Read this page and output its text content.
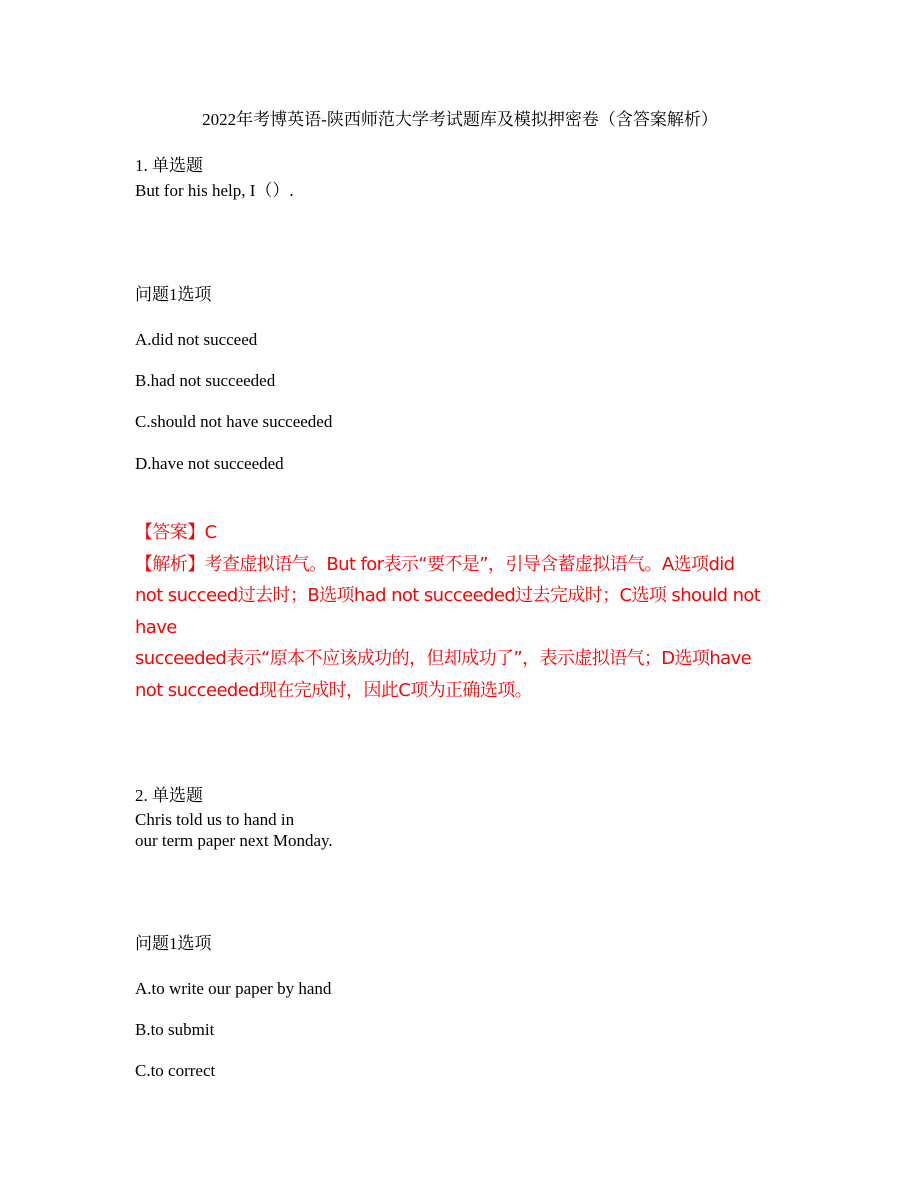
2022年考博英语-陕西师范大学考试题库及模拟押密卷（含答案解析）
1. 单选题
But for his help, I（）.
问题1选项
A.did not succeed
B.had not succeeded
C.should not have succeeded
D.have not succeeded
【答案】C
【解析】考查虚拟语气。But for表示“要不是”，引导含蓄虚拟语气。A选项did
not succeed过去时；B选项had not succeeded过去完成时；C选项 should not
have
succeeded表示“原本不应该成功的，但却成功了”，表示虚拟语气；D选项have
not succeeded现在完成时，因此C项为正确选项。
2. 单选题
Chris told us to hand in
our term paper next Monday.
问题1选项
A.to write our paper by hand
B.to submit
C.to correct
